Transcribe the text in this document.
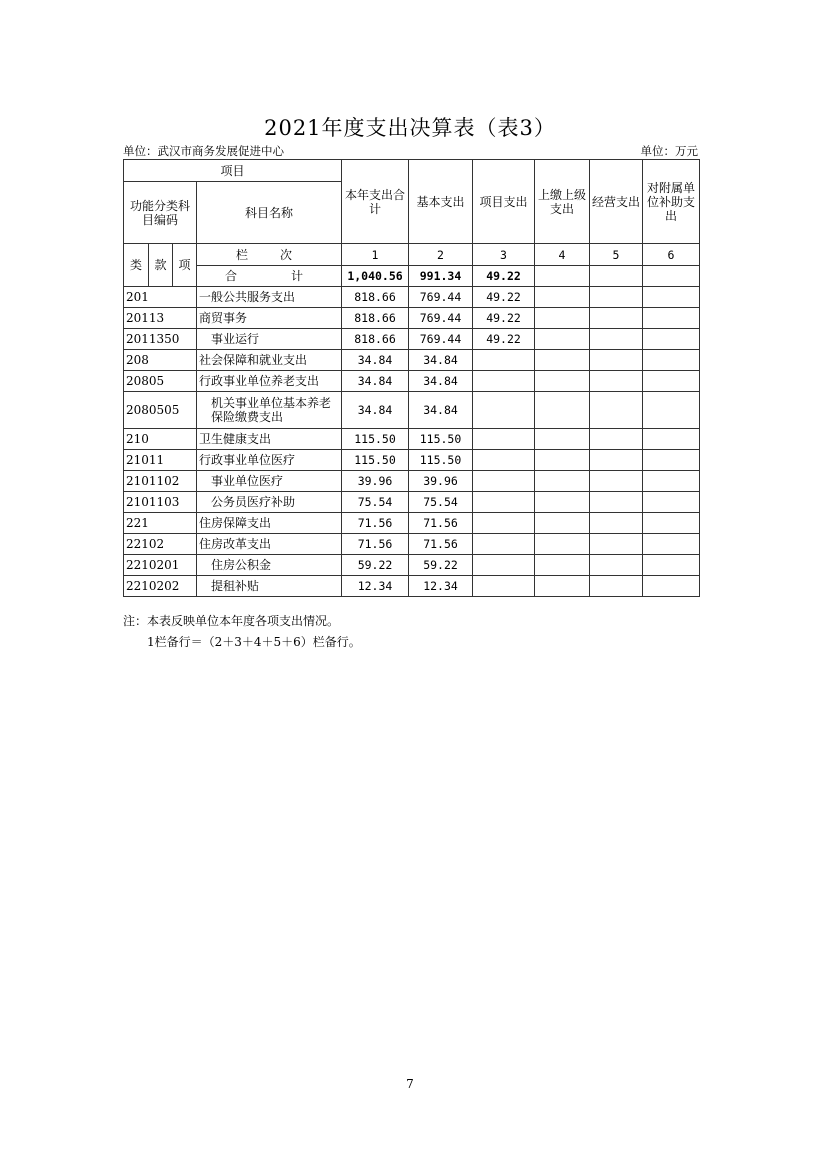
2021年度支出决算表（表3）
单位：武汉市商务发展促进中心	单位：万元
项目				本年支出合计	基本支出	项目支出	上缴上级支出	经营支出	对附属单位补助支出
功能分类科目编码			科目名称						
类	款	项	栏　次	1	2	3	4	5	6
			合　　计	1,040.56	991.34	49.22			
201			一般公共服务支出	818.66	769.44	49.22			
20113			商贸事务	818.66	769.44	49.22			
2011350			事业运行	818.66	769.44	49.22			
208			社会保障和就业支出	34.84	34.84				
20805			行政事业单位养老支出	34.84	34.84				
2080505			机关事业单位基本养老保险缴费支出	34.84	34.84				
210			卫生健康支出	115.50	115.50				
21011			行政事业单位医疗	115.50	115.50				
2101102			事业单位医疗	39.96	39.96				
2101103			公务员医疗补助	75.54	75.54				
221			住房保障支出	71.56	71.56				
22102			住房改革支出	71.56	71.56				
2210201			住房公积金	59.22	59.22				
2210202			提租补贴	12.34	12.34				
注：本表反映单位本年度各项支出情况。
1栏备行＝（2＋3＋4＋5＋6）栏备行。
7
